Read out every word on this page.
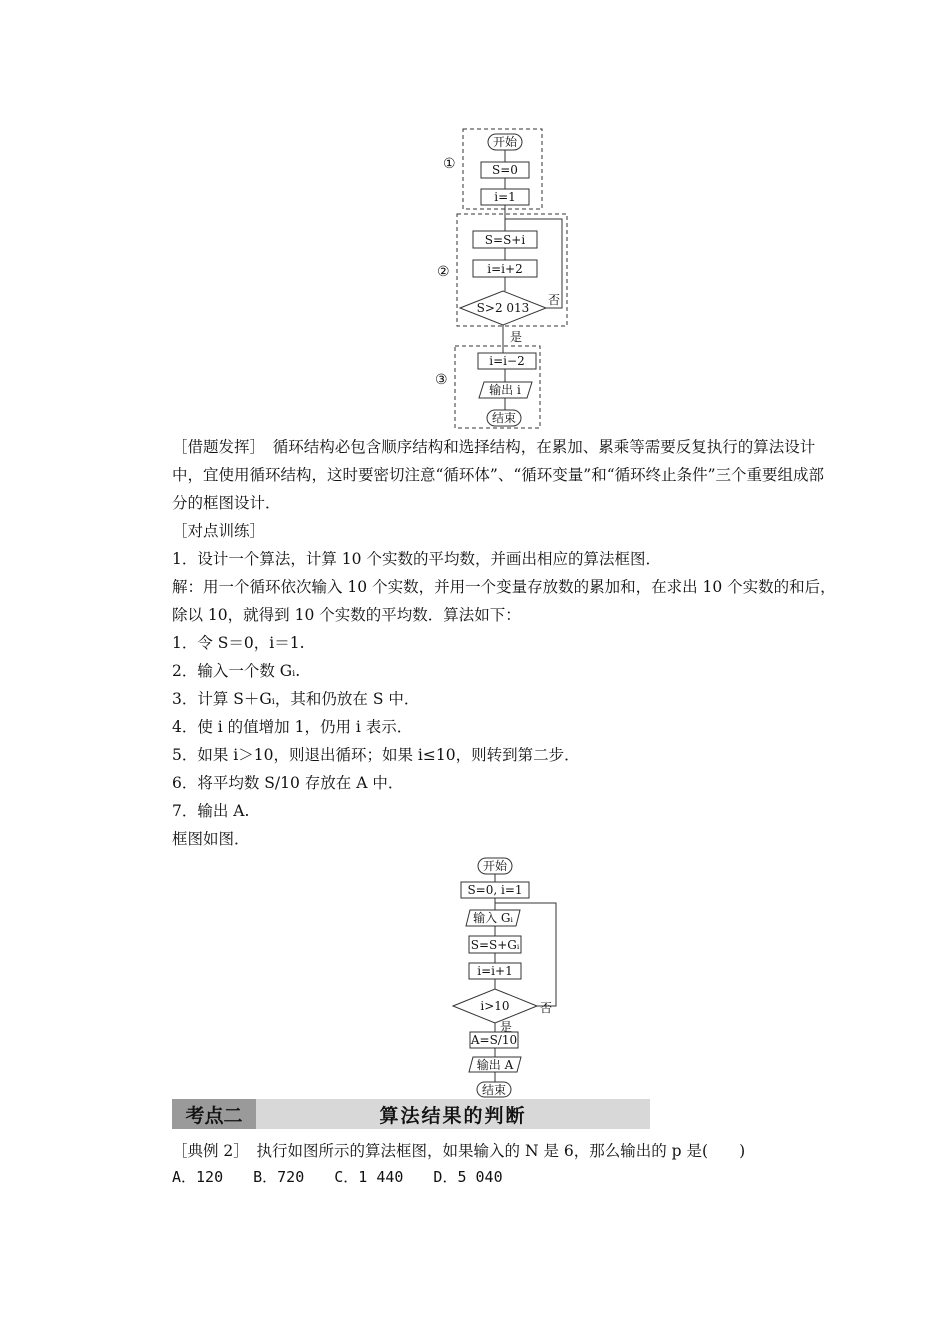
①
②
③
开始
S=0
i=1
S=S+i
i=i+2
S>2 013
否
是
i=i−2
输出 i
结束

［借题发挥］　循环结构必包含顺序结构和选择结构，在累加、累乘等需要反复执行的算法设计中，宜使用循环结构，这时要密切注意“循环体”、“循环变量”和“循环终止条件”三个重要组成部分的框图设计．

［对点训练］
1．设计一个算法，计算 10 个实数的平均数，并画出相应的算法框图．

解：用一个循环依次输入 10 个实数，并用一个变量存放数的累加和，在求出 10 个实数的和后，除以 10，就得到 10 个实数的平均数．算法如下：

1．令 S＝0，i＝1.
2．输入一个数 Gᵢ.
3．计算 S＋Gᵢ，其和仍放在 S 中．
4．使 i 的值增加 1，仍用 i 表示．
5．如果 i＞10，则退出循环；如果 i≤10，则转到第二步．
6．将平均数 S/10 存放在 A 中．
7．输出 A.
框图如图．
开始
S=0, i=1
输入 Gᵢ
S=S+Gᵢ
i=i+1
i>10	否
是
A=S/10
输出 A
结束
考点二	算法结果的判断
［典例 2］　执行如图所示的算法框图，如果输入的 N 是 6，那么输出的 p 是(　　)
A．120　　B．720　　C．1 440　　D．5 040
